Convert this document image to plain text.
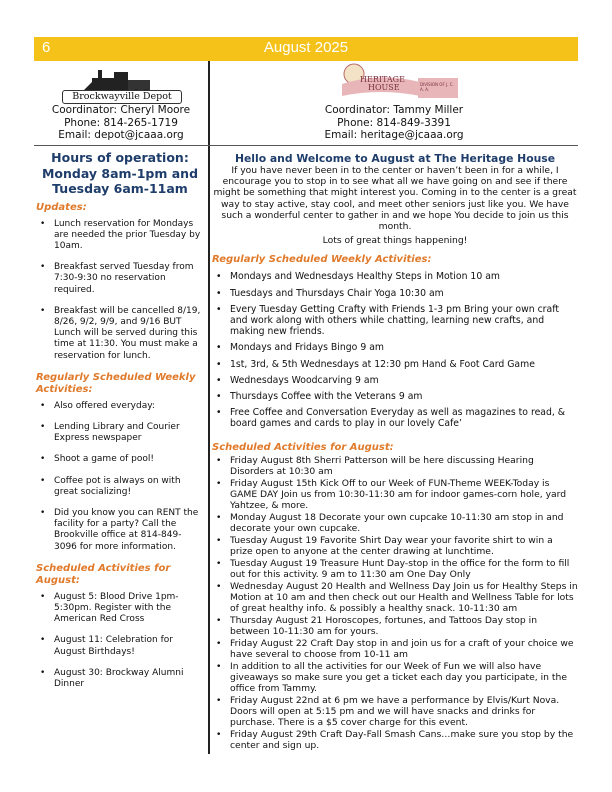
6	August 2025
Brockwayville Depot
HERITAGE
HOUSE	DIVISION OF J. C. A. A.
Coordinator: Cheryl Moore
Phone: 814-265-1719
Email: depot@jcaaa.org
Coordinator: Tammy Miller
Phone: 814-849-3391
Email: heritage@jcaaa.org
Hours of operation:
Monday 8am-1pm and
Tuesday 6am-11am
Updates:
• Lunch reservation for Mondays are needed the prior Tuesday by 10am.
• Breakfast served Tuesday from 7:30-9:30 no reservation required.
• Breakfast will be cancelled 8/19, 8/26, 9/2, 9/9, and 9/16 BUT Lunch will be served during this time at 11:30. You must make a reservation for lunch.
Regularly Scheduled Weekly Activities:
• Also offered everyday:
• Lending Library and Courier Express newspaper
• Shoot a game of pool!
• Coffee pot is always on with great socializing!
• Did you know you can RENT the facility for a party? Call the Brookville office at 814-849-3096 for more information.
Scheduled Activities for August:
• August 5: Blood Drive 1pm-5:30pm. Register with the American Red Cross
• August 11: Celebration for August Birthdays!
• August 30: Brockway Alumni Dinner
Hello and Welcome to August at The Heritage House

If you have never been in to the center or haven’t been in for a while, I encourage you to stop in to see what all we have going on and see if there might be something that might interest you. Coming in to the center is a great way to stay active, stay cool, and meet other seniors just like you. We have such a wonderful center to gather in and we hope You decide to join us this month.

Lots of great things happening!

Regularly Scheduled Weekly Activities:
• Mondays and Wednesdays Healthy Steps in Motion 10 am
• Tuesdays and Thursdays Chair Yoga 10:30 am
• Every Tuesday Getting Crafty with Friends 1-3 pm Bring your own craft and work along with others while chatting, learning new crafts, and making new friends.
• Mondays and Fridays Bingo 9 am
• 1st, 3rd, & 5th Wednesdays at 12:30 pm Hand & Foot Card Game
• Wednesdays Woodcarving 9 am
• Thursdays Coffee with the Veterans 9 am
• Free Coffee and Conversation Everyday as well as magazines to read, & board games and cards to play in our lovely Cafe’
Scheduled Activities for August:
• Friday August 8th Sherri Patterson will be here discussing Hearing Disorders at 10:30 am
• Friday August 15th Kick Off to our Week of FUN-Theme WEEK-Today is GAME DAY Join us from 10:30-11:30 am for indoor games-corn hole, yard Yahtzee, & more.
• Monday August 18 Decorate your own cupcake 10-11:30 am stop in and decorate your own cupcake.
• Tuesday August 19 Favorite Shirt Day wear your favorite shirt to win a prize open to anyone at the center drawing at lunchtime.
• Tuesday August 19 Treasure Hunt Day-stop in the office for the form to fill out for this activity. 9 am to 11:30 am One Day Only
• Wednesday August 20 Health and Wellness Day Join us for Healthy Steps in Motion at 10 am and then check out our Health and Wellness Table for lots of great healthy info. & possibly a healthy snack. 10-11:30 am
• Thursday August 21 Horoscopes, fortunes, and Tattoos Day stop in between 10-11:30 am for yours.
• Friday August 22 Craft Day stop in and join us for a craft of your choice we have several to choose from 10-11 am
• In addition to all the activities for our Week of Fun we will also have giveaways so make sure you get a ticket each day you participate, in the office from Tammy.
• Friday August 22nd at 6 pm we have a performance by Elvis/Kurt Nova. Doors will open at 5:15 pm and we will have snacks and drinks for purchase. There is a $5 cover charge for this event.
• Friday August 29th Craft Day-Fall Smash Cans…make sure you stop by the center and sign up.
